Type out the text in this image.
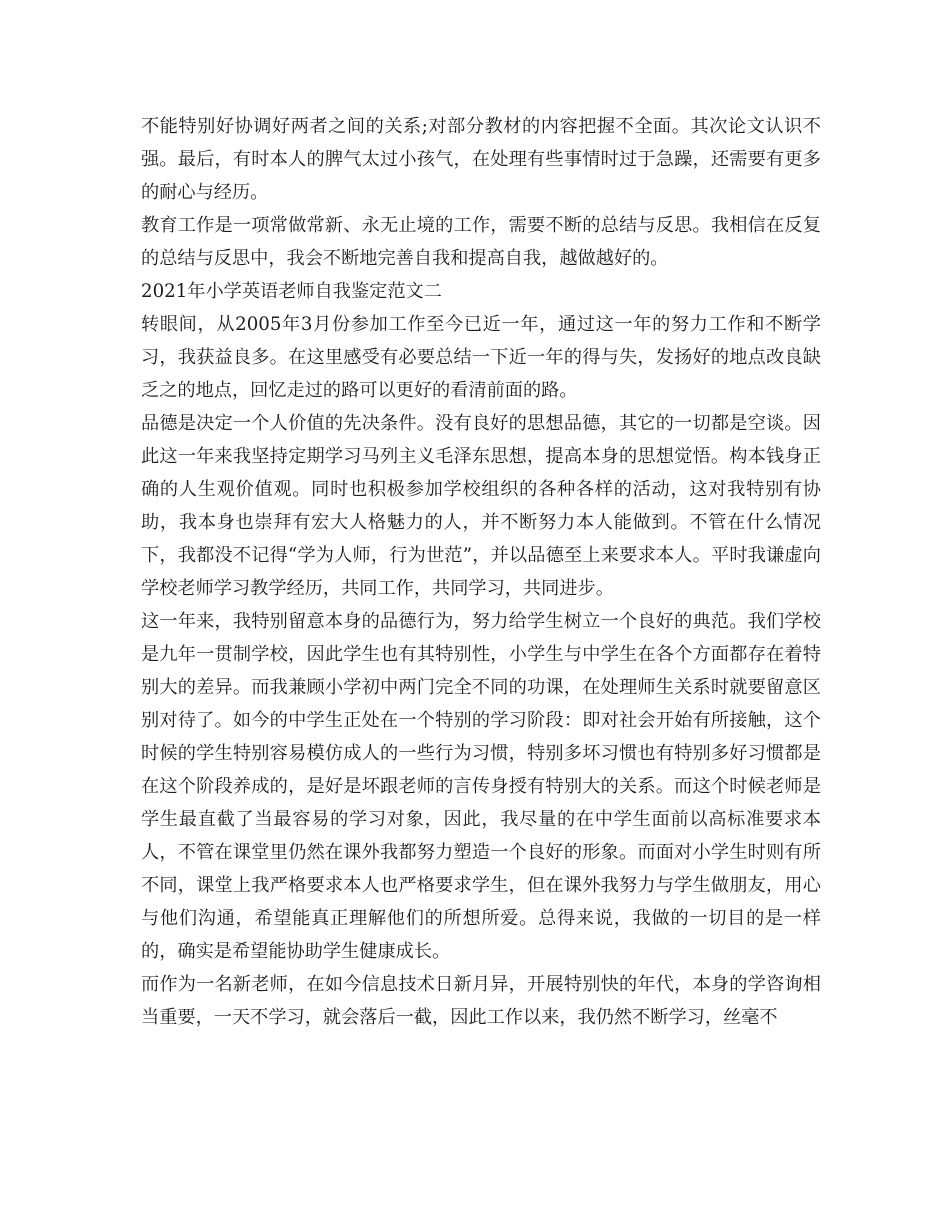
不能特别好协调好两者之间的关系;对部分教材的内容把握不全面。其次论文认识不强。最后，有时本人的脾气太过小孩气，在处理有些事情时过于急躁，还需要有更多的耐心与经历。

教育工作是一项常做常新、永无止境的工作，需要不断的总结与反思。我相信在反复的总结与反思中，我会不断地完善自我和提高自我，越做越好的。

2021年小学英语老师自我鉴定范文二

转眼间，从2005年3月份参加工作至今已近一年，通过这一年的努力工作和不断学习，我获益良多。在这里感受有必要总结一下近一年的得与失，发扬好的地点改良缺乏之的地点，回忆走过的路可以更好的看清前面的路。

品德是决定一个人价值的先决条件。没有良好的思想品德，其它的一切都是空谈。因此这一年来我坚持定期学习马列主义毛泽东思想，提高本身的思想觉悟。构本钱身正确的人生观价值观。同时也积极参加学校组织的各种各样的活动，这对我特别有协助，我本身也崇拜有宏大人格魅力的人，并不断努力本人能做到。不管在什么情况下，我都没不记得“学为人师，行为世范”，并以品德至上来要求本人。平时我谦虚向学校老师学习教学经历，共同工作，共同学习，共同进步。

这一年来，我特别留意本身的品德行为，努力给学生树立一个良好的典范。我们学校是九年一贯制学校，因此学生也有其特别性，小学生与中学生在各个方面都存在着特别大的差异。而我兼顾小学初中两门完全不同的功课，在处理师生关系时就要留意区别对待了。如今的中学生正处在一个特别的学习阶段：即对社会开始有所接触，这个时候的学生特别容易模仿成人的一些行为习惯，特别多坏习惯也有特别多好习惯都是在这个阶段养成的，是好是坏跟老师的言传身授有特别大的关系。而这个时候老师是学生最直截了当最容易的学习对象，因此，我尽量的在中学生面前以高标准要求本人，不管在课堂里仍然在课外我都努力塑造一个良好的形象。而面对小学生时则有所不同，课堂上我严格要求本人也严格要求学生，但在课外我努力与学生做朋友，用心与他们沟通，希望能真正理解他们的所想所爱。总得来说，我做的一切目的是一样的，确实是希望能协助学生健康成长。

而作为一名新老师，在如今信息技术日新月异，开展特别快的年代，本身的学咨询相当重要，一天不学习，就会落后一截，因此工作以来，我仍然不断学习，丝毫不
